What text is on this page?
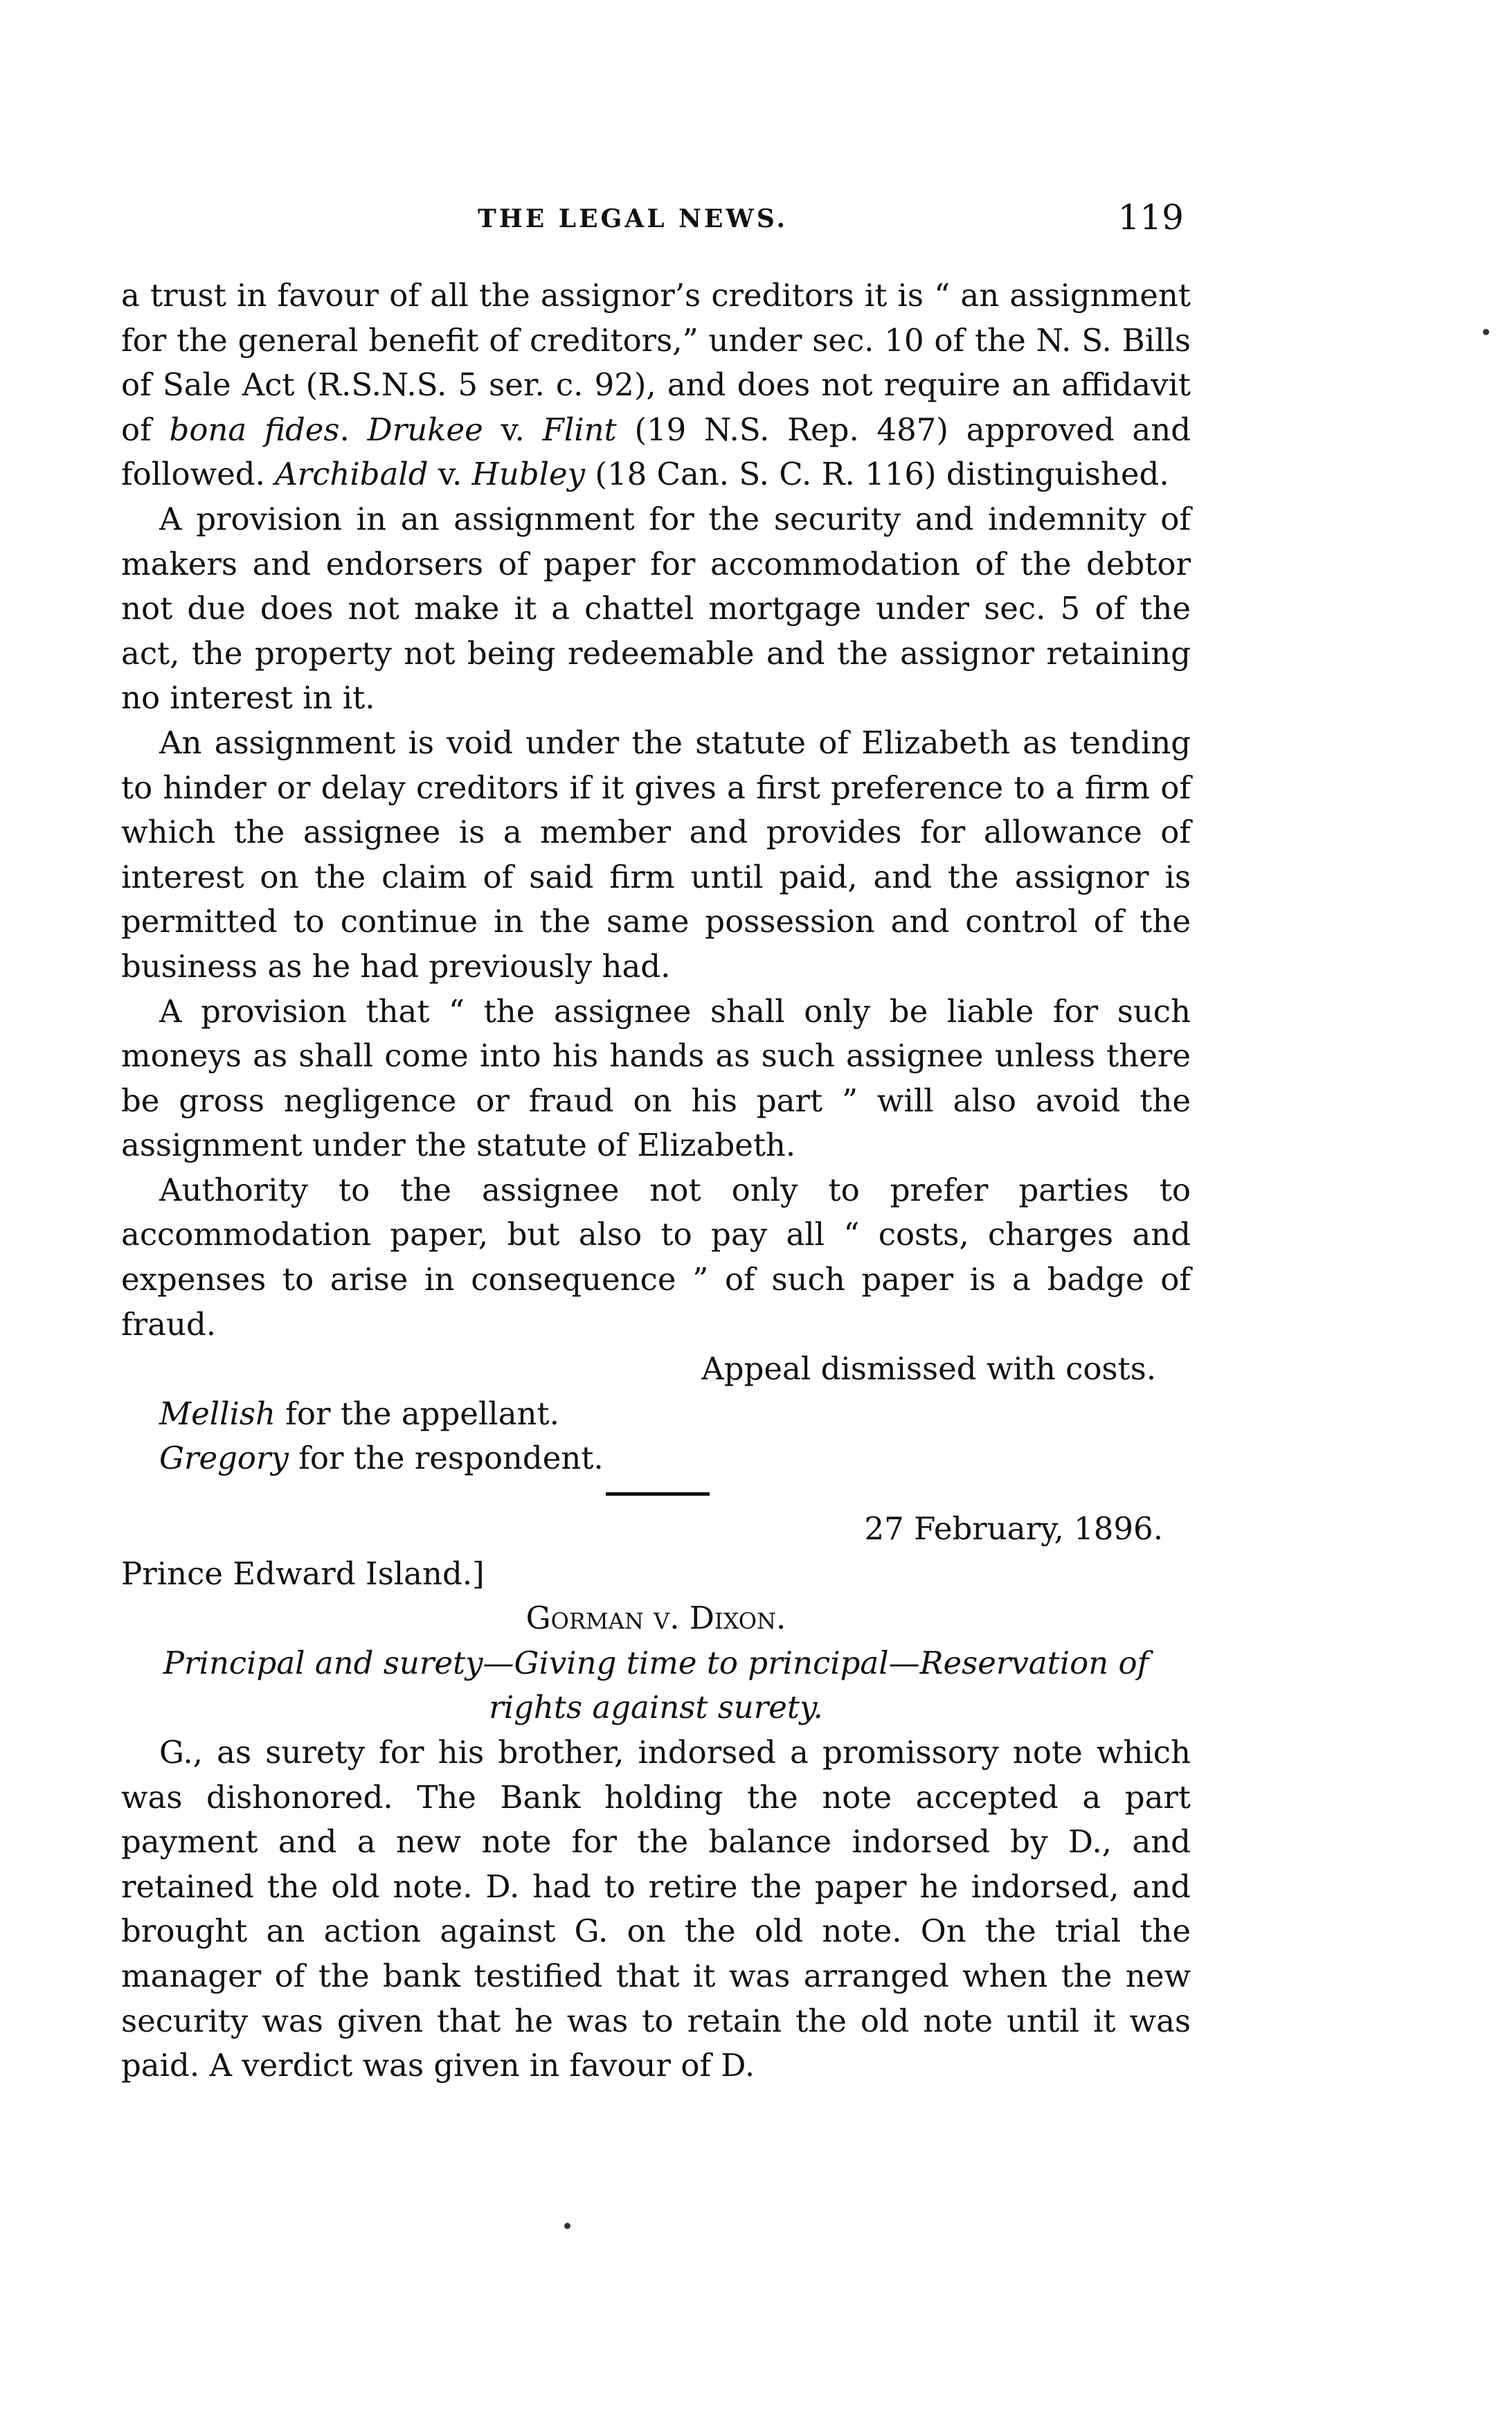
THE LEGAL NEWS.	119

a trust in favour of all the assignor’s creditors it is “ an assignment for the general benefit of creditors,” under sec. 10 of the N. S. Bills of Sale Act (R.S.N.S. 5 ser. c. 92), and does not require an affidavit of bona fides. Drukee v. Flint (19 N.S. Rep. 487) approved and followed. Archibald v. Hubley (18 Can. S. C. R. 116) distinguished.

A provision in an assignment for the security and indemnity of makers and endorsers of paper for accommodation of the debtor not due does not make it a chattel mortgage under sec. 5 of the act, the property not being redeemable and the assignor retaining no interest in it.

An assignment is void under the statute of Elizabeth as tending to hinder or delay creditors if it gives a first preference to a firm of which the assignee is a member and provides for allowance of interest on the claim of said firm until paid, and the assignor is permitted to continue in the same possession and control of the business as he had previously had.

A provision that “ the assignee shall only be liable for such moneys as shall come into his hands as such assignee unless there be gross negligence or fraud on his part ” will also avoid the assignment under the statute of Elizabeth.

Authority to the assignee not only to prefer parties to accommodation paper, but also to pay all “ costs, charges and expenses to arise in consequence ” of such paper is a badge of fraud.

Appeal dismissed with costs.

Mellish for the appellant.

Gregory for the respondent.

27 February, 1896.

Prince Edward Island.]

Gorman v. Dixon.

Principal and surety—Giving time to principal—Reservation of rights against surety.

G., as surety for his brother, indorsed a promissory note which was dishonored. The Bank holding the note accepted a part payment and a new note for the balance indorsed by D., and retained the old note. D. had to retire the paper he indorsed, and brought an action against G. on the old note. On the trial the manager of the bank testified that it was arranged when the new security was given that he was to retain the old note until it was paid. A verdict was given in favour of D.
